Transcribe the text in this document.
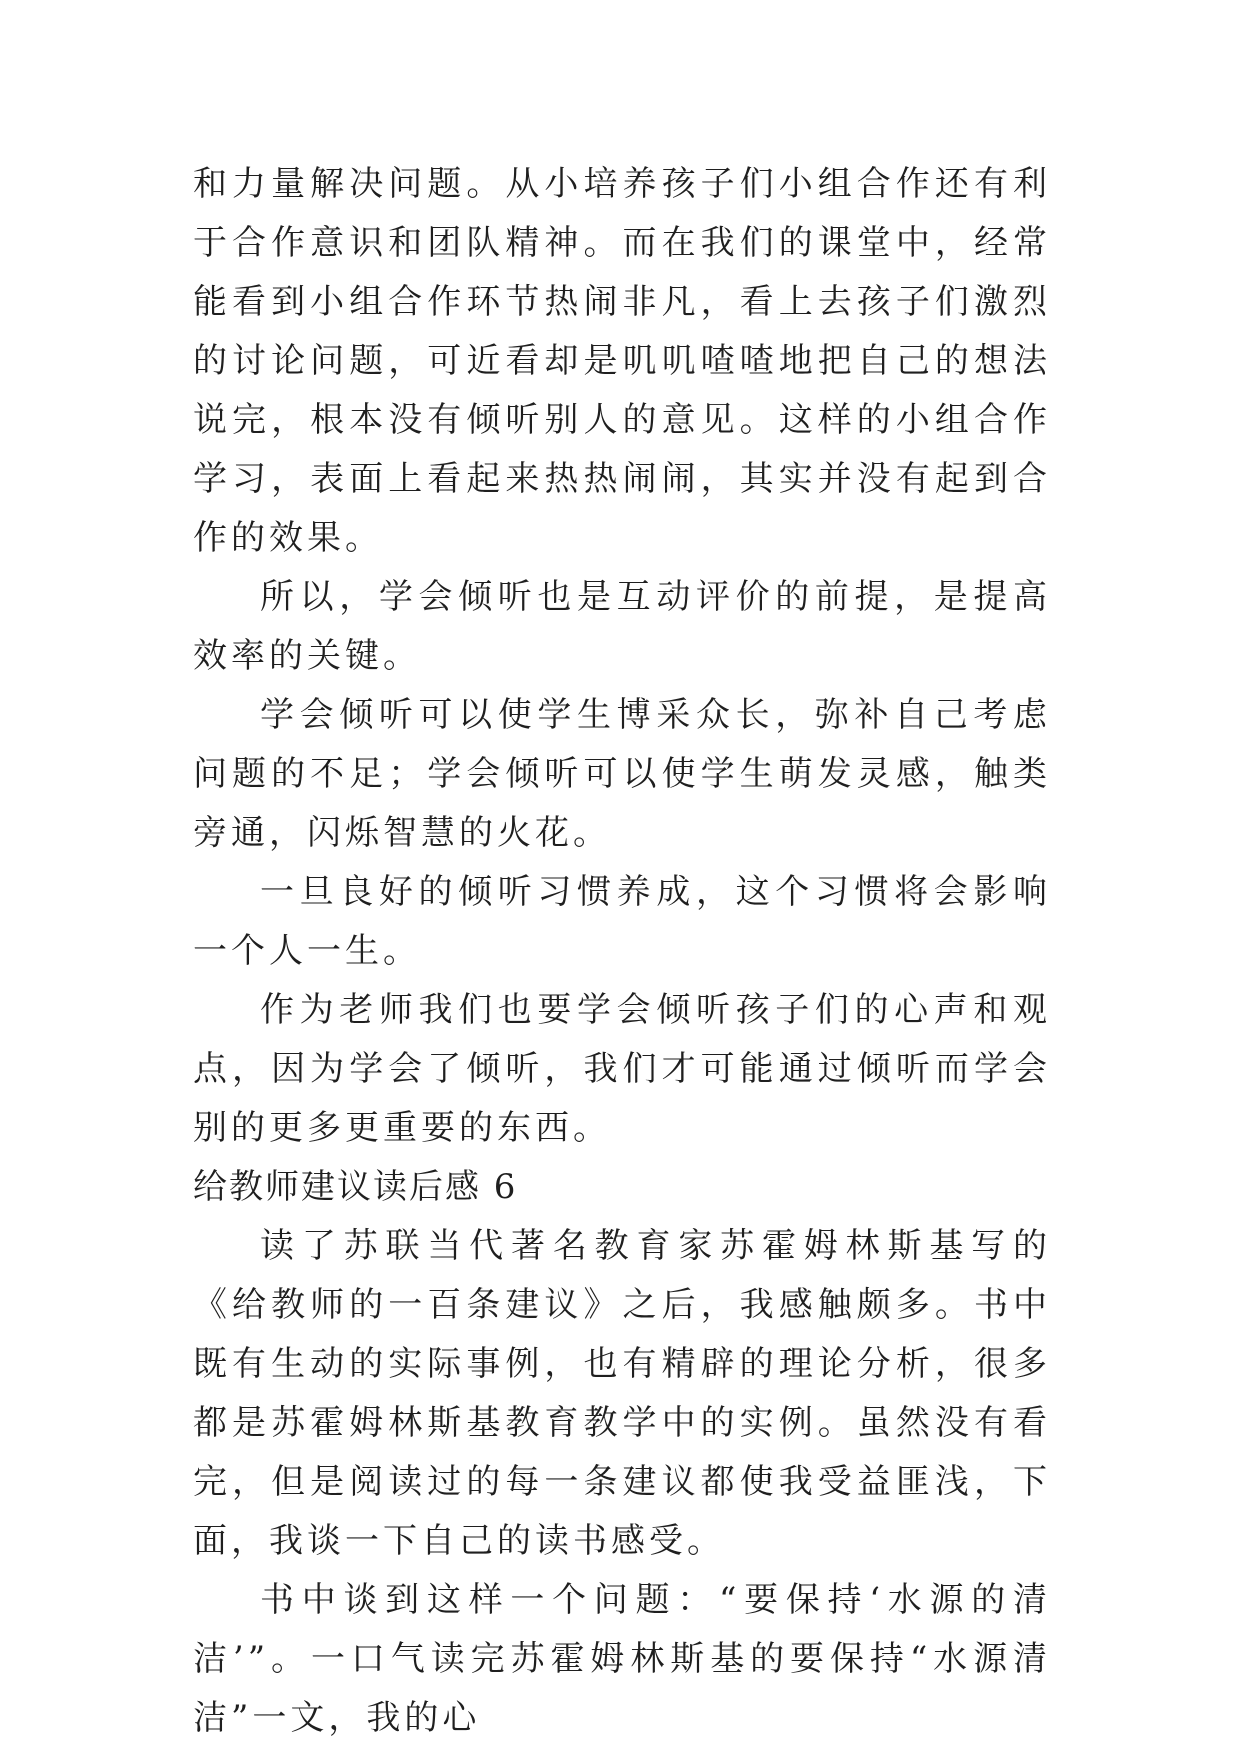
和力量解决问题。从小培养孩子们小组合作还有利于合作意识和团队精神。而在我们的课堂中，经常能看到小组合作环节热闹非凡，看上去孩子们激烈的讨论问题，可近看却是叽叽喳喳地把自己的想法说完，根本没有倾听别人的意见。这样的小组合作学习，表面上看起来热热闹闹，其实并没有起到合作的效果。

所以，学会倾听也是互动评价的前提，是提高效率的关键。

学会倾听可以使学生博采众长，弥补自己考虑问题的不足；学会倾听可以使学生萌发灵感，触类旁通，闪烁智慧的火花。

一旦良好的倾听习惯养成，这个习惯将会影响一个人一生。

作为老师我们也要学会倾听孩子们的心声和观点，因为学会了倾听，我们才可能通过倾听而学会别的更多更重要的东西。

给教师建议读后感 6

读了苏联当代著名教育家苏霍姆林斯基写的《给教师的一百条建议》之后，我感触颇多。书中既有生动的实际事例，也有精辟的理论分析，很多都是苏霍姆林斯基教育教学中的实例。虽然没有看完，但是阅读过的每一条建议都使我受益匪浅，下面，我谈一下自己的读书感受。

书中谈到这样一个问题：“要保持‘水源的清洁’”。一口气读完苏霍姆林斯基的要保持“水源清洁”一文，我的心
